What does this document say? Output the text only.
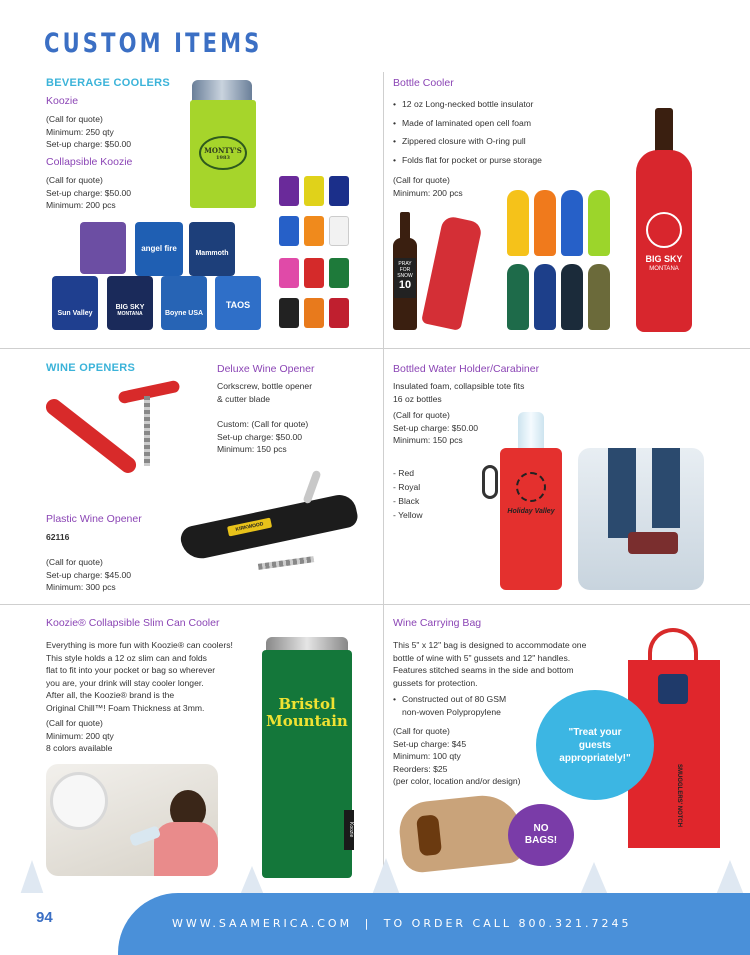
CUSTOM ITEMS
BEVERAGE COOLERS
Koozie
(Call for quote)
Minimum: 250 qty
Set-up charge: $50.00
Collapsible Koozie
(Call for quote)
Set-up charge: $50.00
Minimum: 200 pcs
MONTY'S
1983
angel fire
Mammoth
Sun Valley
BIG SKY
MONTANA	Boyne USA
TAOS
Bottle Cooler
• 12 oz Long-necked bottle insulator
• Made of laminated open cell foam
• Zippered closure with O-ring pull
• Folds flat for pocket or purse storage
(Call for quote)
Minimum: 200 pcs
PRAY FOR SNOW
10
BIG SKY
MONTANA
WINE OPENERS	Deluxe Wine Opener
Corkscrew, bottle opener
& cutter blade
Custom: (Call for quote)
Set-up charge: $50.00
Minimum: 150 pcs
Plastic Wine Opener
62116
(Call for quote)
Set-up charge: $45.00
Minimum: 300 pcs
KIRKWOOD
Bottled Water Holder/Carabiner
Insulated foam, collapsible tote fits
16 oz bottles
(Call for quote)
Set-up charge: $50.00
Minimum: 150 pcs
- Red
- Royal
- Black
- Yellow	Holiday Valley
Koozie® Collapsible Slim Can Cooler
Everything is more fun with Koozie® can coolers!
This style holds a 12 oz slim can and folds
flat to fit into your pocket or bag so wherever
you are, your drink will stay cooler longer.
After all, the Koozie® brand is the
Original Chill™! Foam Thickness at 3mm.
(Call for quote)
Minimum: 200 qty
8 colors available
Bristol
Mountain
Koozie
Wine Carrying Bag
This 5" x 12" bag is designed to accommodate one
bottle of wine with 5" gussets and 12" handles.
Features stitched seams in the side and bottom
gussets for protection.
• Constructed out of 80 GSM
non-woven Polypropylene
(Call for quote)
Set-up charge: $45
Minimum: 100 qty
Reorders: $25
(per color, location and/or design)	SMUGGLERS' NOTCH
"Treat your guests appropriately!"
NO BAGS!
94	WWW.SAAMERICA.COM | TO ORDER CALL 800.321.7245
